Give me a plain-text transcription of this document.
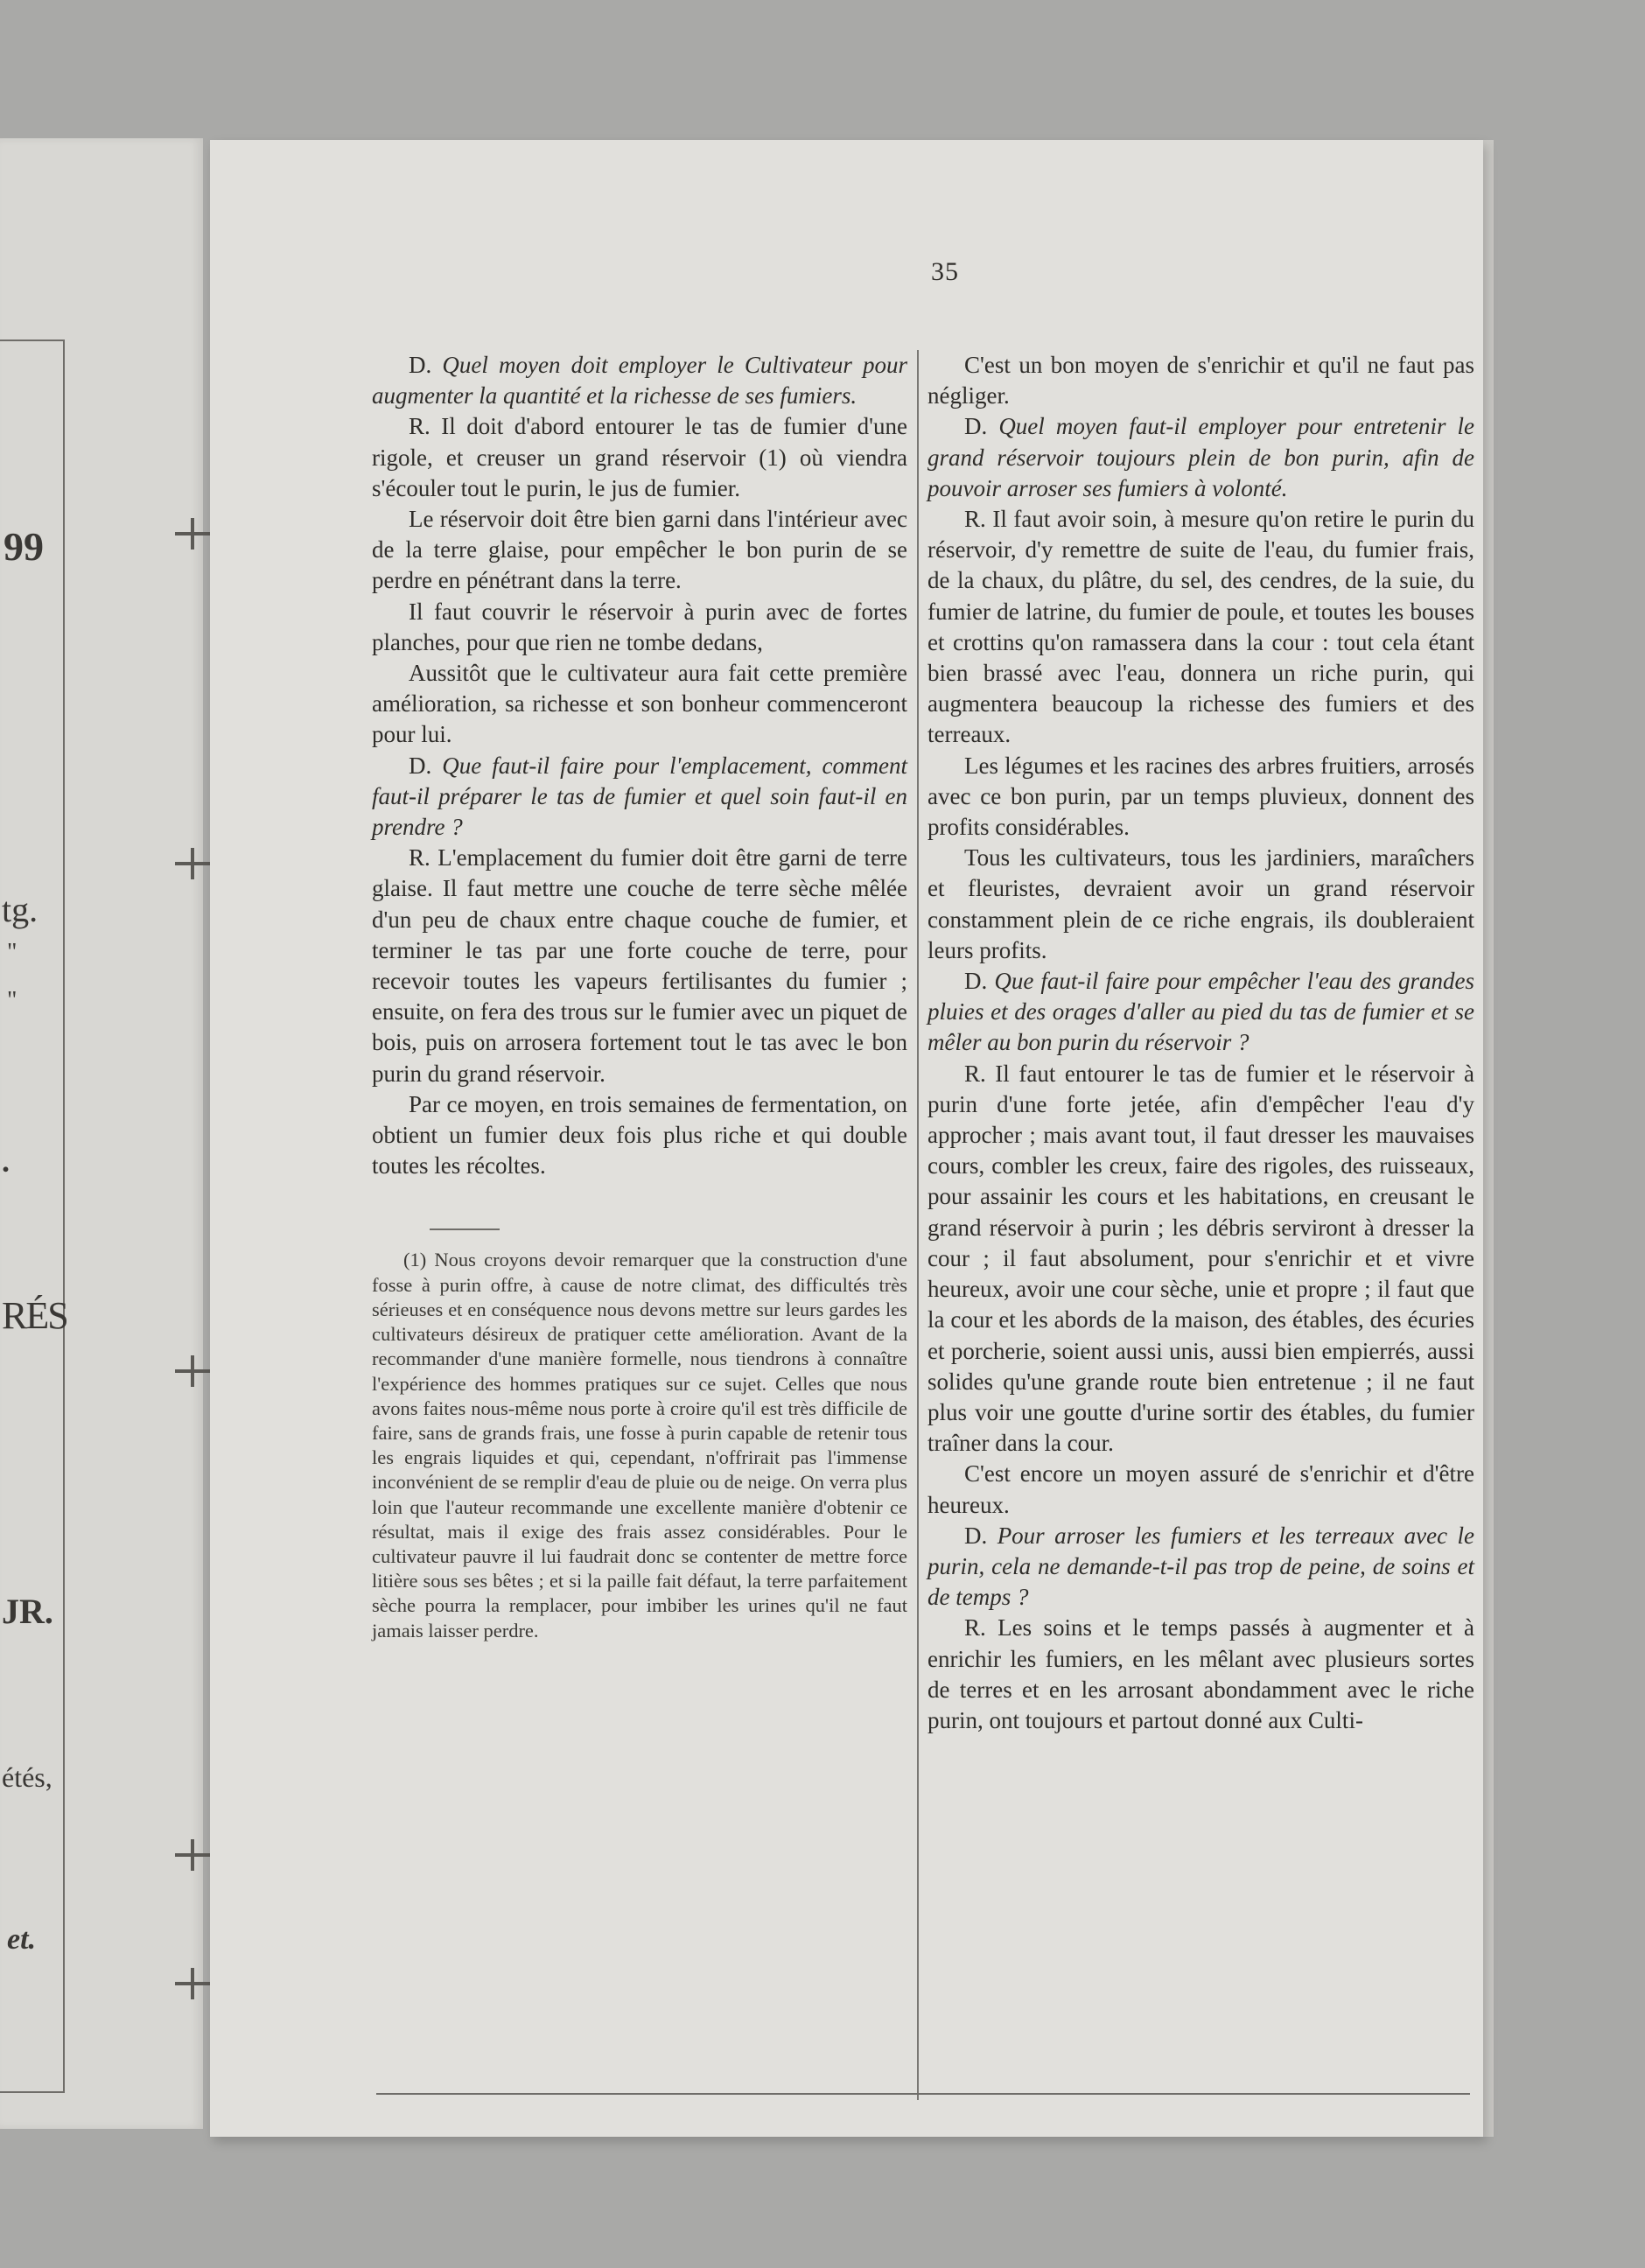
99
tg.
"
"
.
RÉS
JR.
étés,
et.
35

D. Quel moyen doit employer le Cultivateur pour augmenter la quantité et la richesse de ses fumiers.

R. Il doit d'abord entourer le tas de fumier d'une rigole, et creuser un grand réservoir (1) où viendra s'écouler tout le purin, le jus de fumier.

Le réservoir doit être bien garni dans l'intérieur avec de la terre glaise, pour empêcher le bon purin de se perdre en pénétrant dans la terre.

Il faut couvrir le réservoir à purin avec de fortes planches, pour que rien ne tombe dedans,

Aussitôt que le cultivateur aura fait cette première amélioration, sa richesse et son bonheur commenceront pour lui.

D. Que faut-il faire pour l'emplacement, comment faut-il préparer le tas de fumier et quel soin faut-il en prendre ?

R. L'emplacement du fumier doit être garni de terre glaise. Il faut mettre une couche de terre sèche mêlée d'un peu de chaux entre chaque couche de fumier, et terminer le tas par une forte couche de terre, pour recevoir toutes les vapeurs fertilisantes du fumier ; ensuite, on fera des trous sur le fumier avec un piquet de bois, puis on arrosera fortement tout le tas avec le bon purin du grand réservoir.

Par ce moyen, en trois semaines de fermentation, on obtient un fumier deux fois plus riche et qui double toutes les récoltes.

(1) Nous croyons devoir remarquer que la construction d'une fosse à purin offre, à cause de notre climat, des difficultés très sérieuses et en conséquence nous devons mettre sur leurs gardes les cultivateurs désireux de pratiquer cette amélioration. Avant de la recommander d'une manière formelle, nous tiendrons à connaître l'expérience des hommes pratiques sur ce sujet. Celles que nous avons faites nous-même nous porte à croire qu'il est très difficile de faire, sans de grands frais, une fosse à purin capable de retenir tous les engrais liquides et qui, cependant, n'offrirait pas l'immense inconvénient de se remplir d'eau de pluie ou de neige. On verra plus loin que l'auteur recommande une excellente manière d'obtenir ce résultat, mais il exige des frais assez considérables. Pour le cultivateur pauvre il lui faudrait donc se contenter de mettre force litière sous ses bêtes ; et si la paille fait défaut, la terre parfaitement sèche pourra la remplacer, pour imbiber les urines qu'il ne faut jamais laisser perdre.

C'est un bon moyen de s'enrichir et qu'il ne faut pas négliger.

D. Quel moyen faut-il employer pour entretenir le grand réservoir toujours plein de bon purin, afin de pouvoir arroser ses fumiers à volonté.

R. Il faut avoir soin, à mesure qu'on retire le purin du réservoir, d'y remettre de suite de l'eau, du fumier frais, de la chaux, du plâtre, du sel, des cendres, de la suie, du fumier de latrine, du fumier de poule, et toutes les bouses et crottins qu'on ramassera dans la cour : tout cela étant bien brassé avec l'eau, donnera un riche purin, qui augmentera beaucoup la richesse des fumiers et des terreaux.

Les légumes et les racines des arbres fruitiers, arrosés avec ce bon purin, par un temps pluvieux, donnent des profits considérables.

Tous les cultivateurs, tous les jardiniers, maraîchers et fleuristes, devraient avoir un grand réservoir constamment plein de ce riche engrais, ils doubleraient leurs profits.

D. Que faut-il faire pour empêcher l'eau des grandes pluies et des orages d'aller au pied du tas de fumier et se mêler au bon purin du réservoir ?

R. Il faut entourer le tas de fumier et le réservoir à purin d'une forte jetée, afin d'empêcher l'eau d'y approcher ; mais avant tout, il faut dresser les mauvaises cours, combler les creux, faire des rigoles, des ruisseaux, pour assainir les cours et les habitations, en creusant le grand réservoir à purin ; les débris serviront à dresser la cour ; il faut absolument, pour s'enrichir et et vivre heureux, avoir une cour sèche, unie et propre ; il faut que la cour et les abords de la maison, des étables, des écuries et porcherie, soient aussi unis, aussi bien empierrés, aussi solides qu'une grande route bien entretenue ; il ne faut plus voir une goutte d'urine sortir des étables, du fumier traîner dans la cour.

C'est encore un moyen assuré de s'enrichir et d'être heureux.

D. Pour arroser les fumiers et les terreaux avec le purin, cela ne demande-t-il pas trop de peine, de soins et de temps ?

R. Les soins et le temps passés à augmenter et à enrichir les fumiers, en les mêlant avec plusieurs sortes de terres et en les arrosant abondamment avec le riche purin, ont toujours et partout donné aux Culti-
